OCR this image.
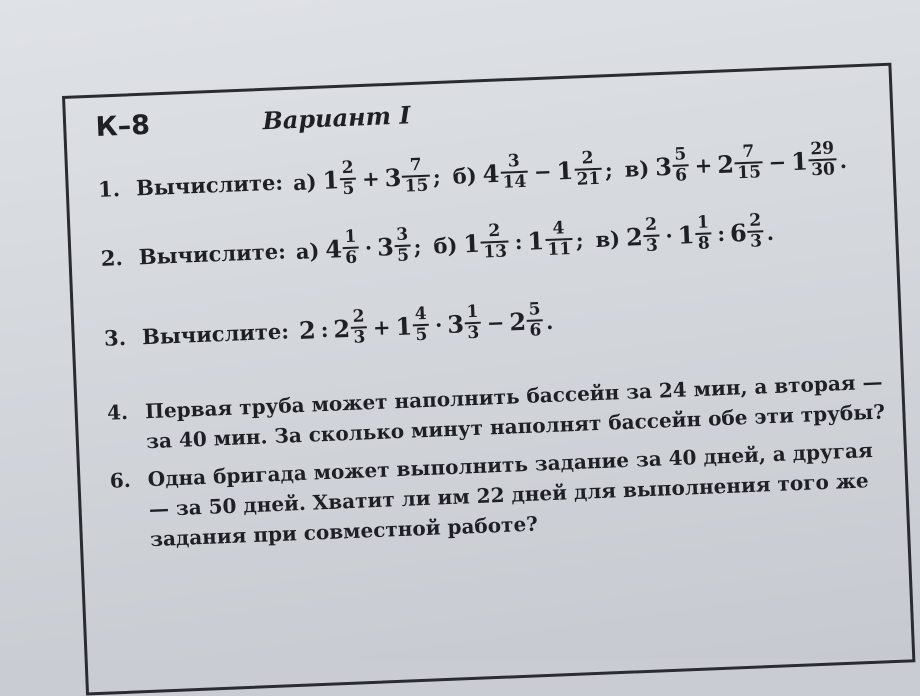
К–8	Вариант I
1. Вычислите: а) $1 \frac{2}{5} + 3 \frac{7}{15}$ ; б) $4 \frac{3}{14} - 1 \frac{2}{21}$ ; в) $3 \frac{5}{6} + 2 \frac{7}{15} - 1 \frac{29}{30}$ .
2. Вычислите: а) $4 \frac{1}{6} \cdot 3 \frac{3}{5}$ ; б) $1 \frac{2}{13}$ : $1 \frac{4}{11}$ ; в) $2 \frac{2}{3} \cdot 1 \frac{1}{8}$ : $6 \frac{2}{3}$ .
3. Вычислите: 2 : $2 \frac{2}{3} + 1 \frac{4}{5} \cdot 3 \frac{1}{3} - 2 \frac{5}{6}$ .
4. Первая труба может наполнить бассейн за 24 мин, а вторая — за 40 мин. За сколько минут наполнят бассейн обе эти трубы?
6. Одна бригада может выполнить задание за 40 дней, а другая — за 50 дней. Хватит ли им 22 дней для выполнения того же задания при совместной работе?
